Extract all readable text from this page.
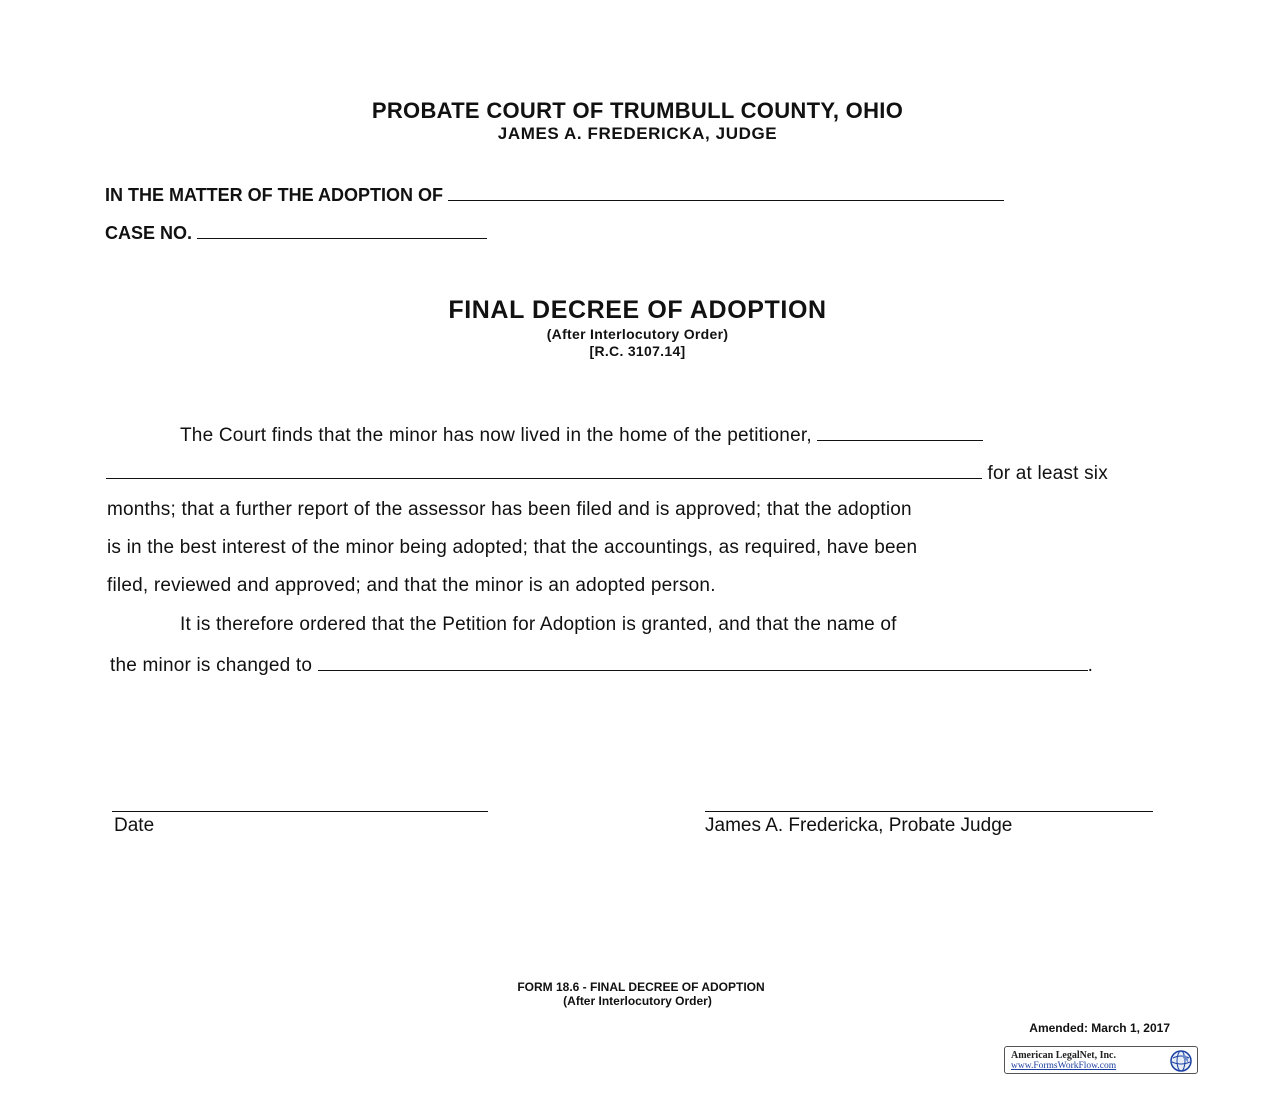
PROBATE COURT OF TRUMBULL COUNTY, OHIO
JAMES A. FREDERICKA, JUDGE
IN THE MATTER OF THE ADOPTION OF
CASE NO.
FINAL DECREE OF ADOPTION
(After Interlocutory Order)
[R.C. 3107.14]
The Court finds that the minor has now lived in the home of the petitioner,
for at least six
months; that a further report of the assessor has been filed and is approved; that the adoption
is in the best interest of the minor being adopted; that the accountings, as required, have been
filed, reviewed and approved; and that the minor is an adopted person.
It is therefore ordered that the Petition for Adoption is granted, and that the name of
the minor is changed to	.
Date	James A. Fredericka, Probate Judge
FORM 18.6 - FINAL DECREE OF ADOPTION
(After Interlocutory Order)
Amended: March 1, 2017
American LegalNet, Inc.
www.FormsWorkFlow.com
